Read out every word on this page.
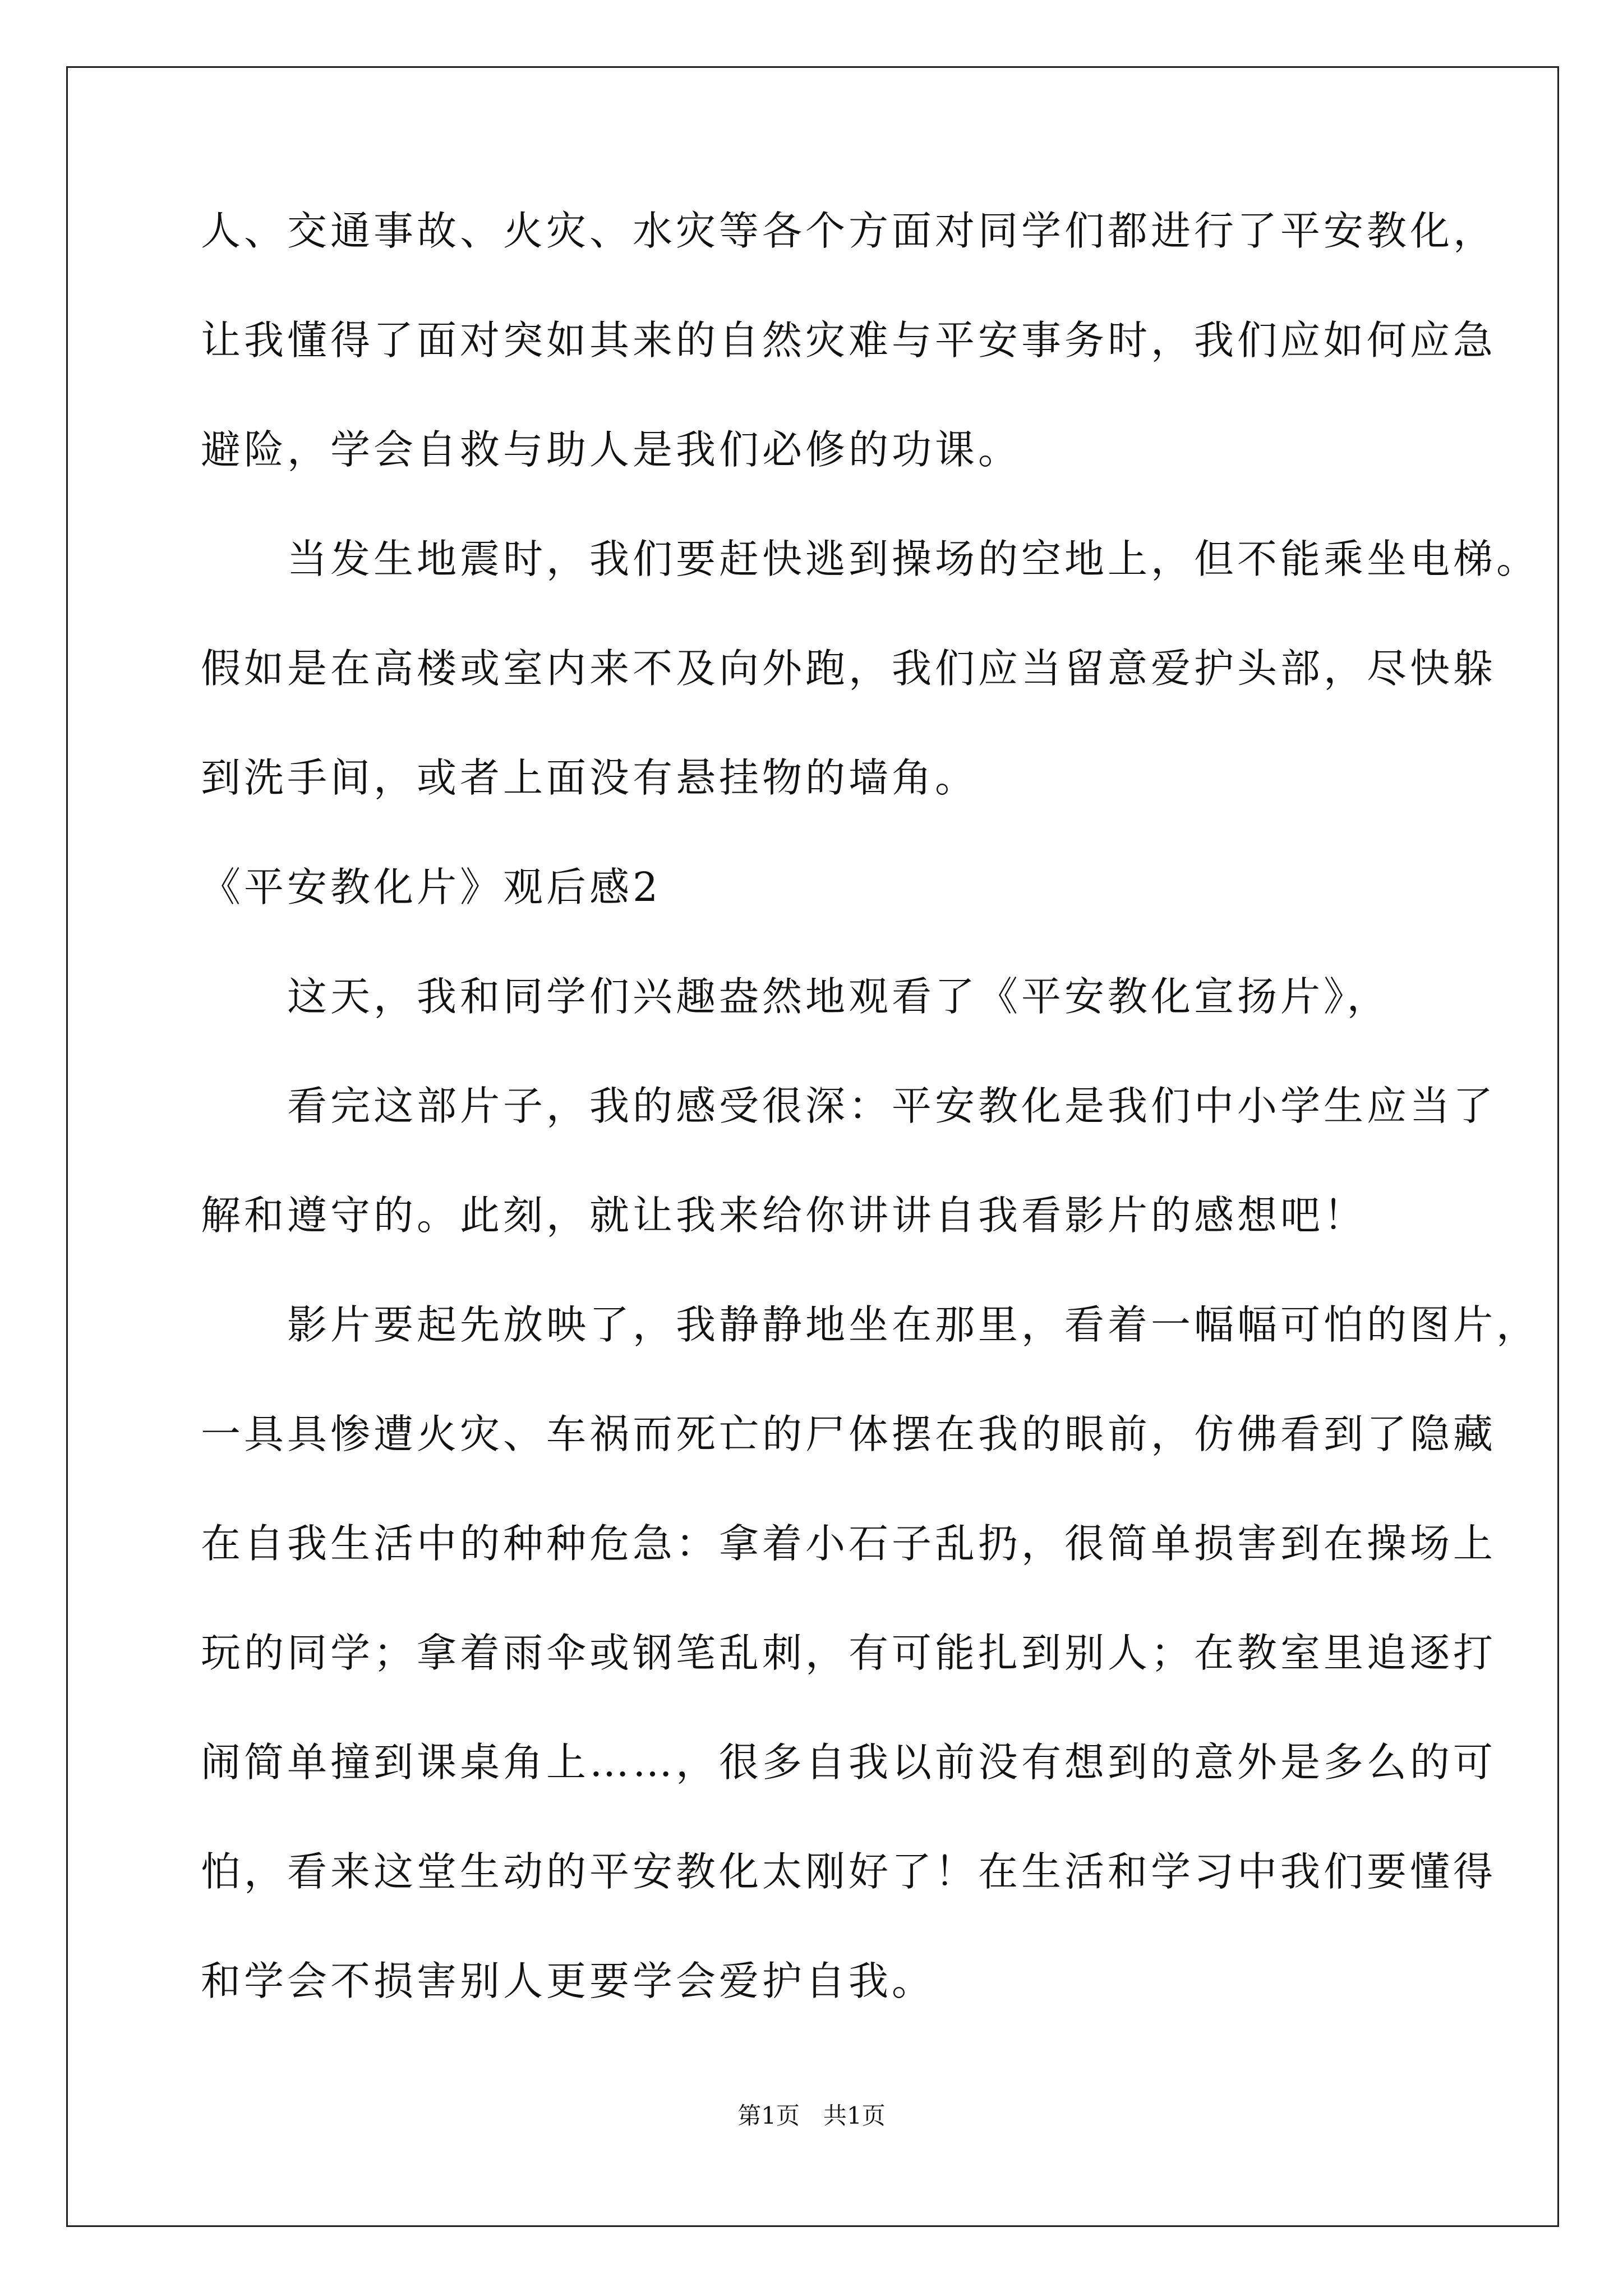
人、交通事故、火灾、水灾等各个方面对同学们都进行了平安教化，
让我懂得了面对突如其来的自然灾难与平安事务时，我们应如何应急
避险，学会自救与助人是我们必修的功课。
　　当发生地震时，我们要赶快逃到操场的空地上，但不能乘坐电梯。
假如是在高楼或室内来不及向外跑，我们应当留意爱护头部，尽快躲
到洗手间，或者上面没有悬挂物的墙角。
《平安教化片》观后感2
　　这天，我和同学们兴趣盎然地观看了《平安教化宣扬片》，
　　看完这部片子，我的感受很深：平安教化是我们中小学生应当了
解和遵守的。此刻，就让我来给你讲讲自我看影片的感想吧！
　　影片要起先放映了，我静静地坐在那里，看着一幅幅可怕的图片，
一具具惨遭火灾、车祸而死亡的尸体摆在我的眼前，仿佛看到了隐藏
在自我生活中的种种危急：拿着小石子乱扔，很简单损害到在操场上
玩的同学；拿着雨伞或钢笔乱刺，有可能扎到别人；在教室里追逐打
闹简单撞到课桌角上……，很多自我以前没有想到的意外是多么的可
怕，看来这堂生动的平安教化太刚好了！在生活和学习中我们要懂得
和学会不损害别人更要学会爱护自我。
第1页　共1页
